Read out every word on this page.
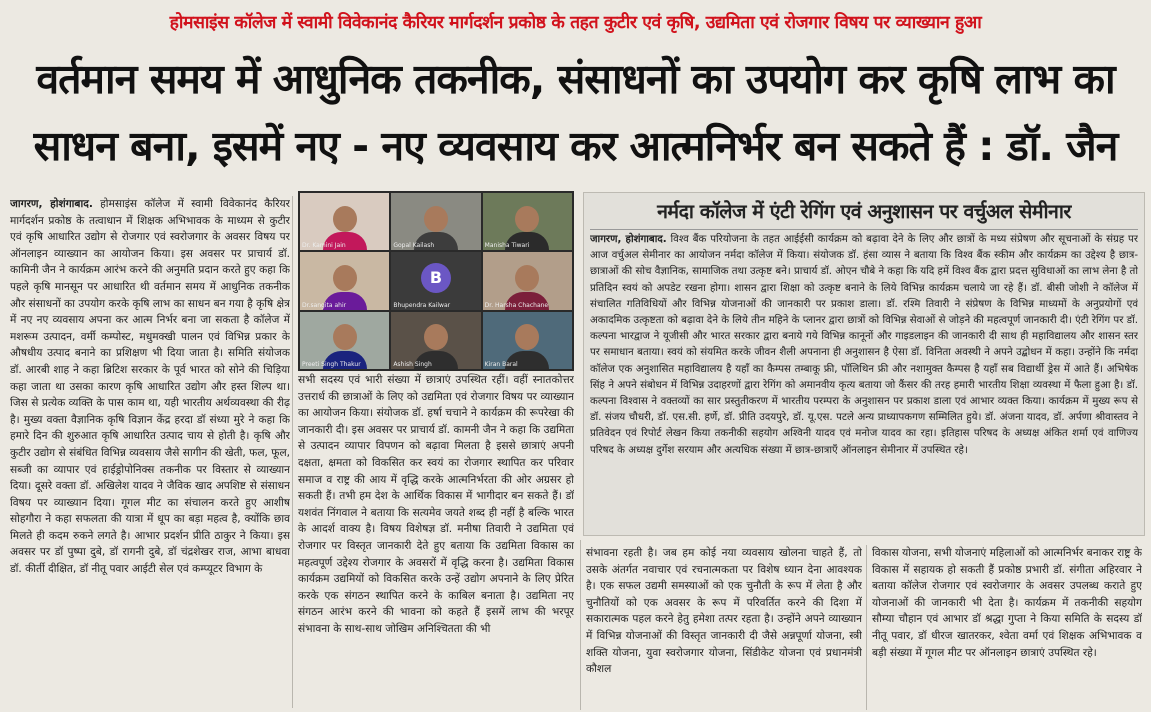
होमसाइंस कॉलेज में स्वामी विवेकानंद कैरियर मार्गदर्शन प्रकोष्ठ के तहत कुटीर एवं कृषि, उद्यमिता एवं रोजगार विषय पर व्याख्यान हुआ
वर्तमान समय में आधुनिक तकनीक, संसाधनों का उपयोग कर कृषि लाभ का
साधन बना, इसमें नए - नए व्यवसाय कर आत्मनिर्भर बन सकते हैं : डॉ. जैन
जागरण, होशंगाबाद. होमसाइंस कॉलेज में स्वामी विवेकानंद कैरियर मार्गदर्शन प्रकोष्ठ के तत्वाधान में शिक्षक अभिभावक के माध्यम से कुटीर एवं कृषि आधारित उद्योग से रोजगार एवं स्वरोजगार के अवसर विषय पर ऑनलाइन व्याख्यान का आयोजन किया। इस अवसर पर प्राचार्य डॉ. कामिनी जैन ने कार्यक्रम आरंभ करने की अनुमति प्रदान करते हुए कहा कि पहले कृषि मानसून पर आधारित थी वर्तमान समय में आधुनिक तकनीक और संसाधनों का उपयोग करके कृषि लाभ का साधन बन गया है कृषि क्षेत्र में नए नए व्यवसाय अपना कर आत्म निर्भर बना जा सकता है कॉलेज में मशरूम उत्पादन, वर्मी कम्पोस्ट, मधुमक्खी पालन एवं विभिन्न प्रकार के औषधीय उत्पाद बनाने का प्रशिक्षण भी दिया जाता है। समिति संयोजक डॉ. आरबी शाह ने कहा ब्रिटिश सरकार के पूर्व भारत को सोने की चिड़िया कहा जाता था उसका कारण कृषि आधारित उद्योग और हस्त शिल्प था। जिस से प्रत्येक व्यक्ति के पास काम था, यही भारतीय अर्थव्यवस्था की रीढ़ है। मुख्य वक्ता वैज्ञानिक कृषि विज्ञान केंद्र हरदा डॉ संध्या मुरे ने कहा कि हमारे दिन की शुरुआत कृषि आधारित उत्पाद चाय से होती है। कृषि और कुटीर उद्योग से संबंधित विभिन्न व्यवसाय जैसे सागीन की खेती, फल, फूल, सब्जी का व्यापार एवं हाईड्रोपोनिक्स तकनीक पर विस्तार से व्याख्यान दिया। दूसरे वक्ता डॉ. अखिलेश यादव ने जैविक खाद अपशिष्ट से संसाधन विषय पर व्याख्यान दिया। गूगल मीट का संचालन करते हुए आशीष सोहगौरा ने कहा सफलता की यात्रा में धूप का बड़ा महत्व है, क्योंकि छाव मिलते ही कदम रुकने लगते है। आभार प्रदर्शन प्रीति ठाकुर ने किया। इस अवसर पर डॉ पुष्पा दुबे, डॉ रागनी दुबे, डॉ चंद्रशेखर राज, आभा बाधवा डॉ. कीर्ती दीक्षित, डॉ नीतू पवार आईटी सेल एवं कम्प्यूटर विभाग के
Dr. Kamini Jain	Gopal Kailash	Manisha Tiwari
Dr.sangita ahir
B
Bhupendra Kailwar	Dr. Harsha Chachane
Preeti Singh Thakur	Ashish Singh	Kiran Baral
सभी सदस्य एवं भारी संख्या में छात्राएं उपस्थित रहीं। वहीं स्नातकोत्तर उत्तरार्ध की छात्राओं के लिए को उद्यमिता एवं रोजगार विषय पर व्याख्यान का आयोजन किया। संयोजक डॉ. हर्षा चचाने ने कार्यक्रम की रूपरेखा की जानकारी दी। इस अवसर पर प्राचार्य डॉ. कामनी जैन ने कहा कि उद्यमिता से उत्पादन व्यापार विपणन को बढ़ावा मिलता है इससे छात्राएं अपनी दक्षता, क्षमता को विकसित कर स्वयं का रोजगार स्थापित कर परिवार समाज व राष्ट्र की आय में वृद्धि करके आत्मनिर्भरता की ओर अग्रसर हो सकती हैं। तभी हम देश के आर्थिक विकास में भागीदार बन सकते हैं। डॉ यशवंत निंगवाल ने बताया कि सत्यमेव जयते शब्द ही नहीं है बल्कि भारत के आदर्श वाक्य है। विषय विशेषज्ञ डॉ. मनीषा तिवारी ने उद्यमिता एवं रोजगार पर विस्तृत जानकारी देते हुए बताया कि उद्यमिता विकास का महत्वपूर्ण उद्देश्य रोजगार के अवसरों में वृद्धि करना है। उद्यमिता विकास कार्यक्रम उद्यमियों को विकसित करके उन्हें उद्योग अपनाने के लिए प्रेरित करके एक संगठन स्थापित करने के काबिल बनाता है। उद्यमिता नए संगठन आरंभ करने की भावना को कहते हैं इसमें लाभ की भरपूर संभावना के साथ-साथ जोखिम अनिश्चितता की भी
नर्मदा कॉलेज में एंटी रेगिंग एवं अनुशासन पर वर्चुअल सेमीनार
जागरण, होशंगाबाद. विश्व बैंक परियोजना के तहत आईईसी कार्यक्रम को बढ़ावा देने के लिए और छात्रों के मध्य संप्रेषण और सूचनाओं के संग्रह पर आज वर्चुअल सेमीनार का आयोजन नर्मदा कॉलेज में किया। संयोजक डॉ. हंसा व्यास ने बताया कि विश्व बैंक स्कीम और कार्यक्रम का उद्देश्य है छात्र-छात्राओं की सोच वैज्ञानिक, सामाजिक तथा उत्कृष्ट बने। प्राचार्य डॉ. ओएन चौबे ने कहा कि यदि हमें विश्व बैंक द्वारा प्रदत्त सुविधाओं का लाभ लेना है तो प्रतिदिन स्वयं को अपडेट रखना होगा। शासन द्वारा शिक्षा को उत्कृष्ट बनाने के लिये विभिन्न कार्यक्रम चलाये जा रहे हैं। डॉ. बीसी जोशी ने कॉलेज में संचालित गतिविधियों और विभिन्न योजनाओं की जानकारी पर प्रकाश डाला। डॉ. रश्मि तिवारी ने संप्रेषण के विभिन्न माध्यमों के अनुप्रयोगों एवं अकादमिक उत्कृष्टता को बढ़ावा देने के लिये तीन महिने के प्लानर द्वारा छात्रों को विभिन्न सेवाओं से जोड़ने की महत्वपूर्ण जानकारी दी। एंटी रेगिंग पर डॉ. कल्पना भारद्वाज ने यूजीसी और भारत सरकार द्वारा बनाये गये विभिन्न कानूनों और गाइडलाइन की जानकारी दी साथ ही महाविद्यालय और शासन स्तर पर समाधान बताया। स्वयं को संयमित करके जीवन शैली अपनाना ही अनुशासन है ऐसा डॉ. विनिता अवस्थी ने अपने उद्बोधन में कहा। उन्होंने कि नर्मदा कॉलेज एक अनुशासित महाविद्यालय है यहाँ का कैम्पस तम्बाकू फ्री, पॉलिथिन फ्री और नशामुक्त कैम्पस है यहाँ सब विद्यार्थी ड्रेस में आते हैं। अभिषेक सिंह ने अपने संबोधन में विभिन्न उदाहरणों द्वारा रेगिंग को अमानवीय कृत्य बताया जो कैंसर की तरह हमारी भारतीय शिक्षा व्यवस्था में फैला हुआ है। डॉ. कल्पना विश्वास ने वक्तव्यों का सार प्रस्तुतीकरण में भारतीय परम्परा के अनुशासन पर प्रकाश डाला एवं आभार व्यक्त किया। कार्यक्रम में मुख्य रूप से डॉ. संजय चौधरी, डॉ. एस.सी. हर्णे, डॉ. प्रीति उदयपुरे, डॉ. यू.एस. पटले अन्य प्राध्यापकगण सम्मिलित हुये। डॉ. अंजना यादव, डॉ. अर्पणा श्रीवास्तव ने प्रतिवेदन एवं रिपोर्ट लेखन किया तकनीकी सहयोग अश्विनी यादव एवं मनोज यादव का रहा। इतिहास परिषद के अध्यक्ष अंकित शर्मा एवं वाणिज्य परिषद के अध्यक्ष दुर्गेश सरयाम और अत्यधिक संख्या में छात्र-छात्राएँ ऑनलाइन सेमीनार में उपस्थित रहे।
संभावना रहती है। जब हम कोई नया व्यवसाय खोलना चाहते हैं, तो उसके अंतर्गत नवाचार एवं रचनात्मकता पर विशेष ध्यान देना आवश्यक है। एक सफल उद्यमी समस्याओं को एक चुनौती के रूप में लेता है और चुनौतियों को एक अवसर के रूप में परिवर्तित करने की दिशा में सकारात्मक पहल करने हेतु हमेशा तत्पर रहता है। उन्होंने अपने व्याख्यान में विभिन्न योजनाओं की विस्तृत जानकारी दी जैसे अन्नपूर्णा योजना, स्त्री शक्ति योजना, युवा स्वरोजगार योजना, सिंडीकेट योजना एवं प्रधानमंत्री कौशल
विकास योजना, सभी योजनाएं महिलाओं को आत्मनिर्भर बनाकर राष्ट्र के विकास में सहायक हो सकती हैं प्रकोष्ठ प्रभारी डॉ. संगीता अहिरवार ने बताया कॉलेज रोजगार एवं स्वरोजगार के अवसर उपलब्ध कराते हुए योजनाओं की जानकारी भी देता है। कार्यक्रम में तकनीकी सहयोग सौम्या चौहान एवं आभार डॉ श्रद्धा गुप्ता ने किया समिति के सदस्य डॉ नीतू पवार, डॉ धीरज खातरकर, श्वेता वर्मा एवं शिक्षक अभिभावक व बड़ी संख्या में गूगल मीट पर ऑनलाइन छात्राएं उपस्थित रहे।
